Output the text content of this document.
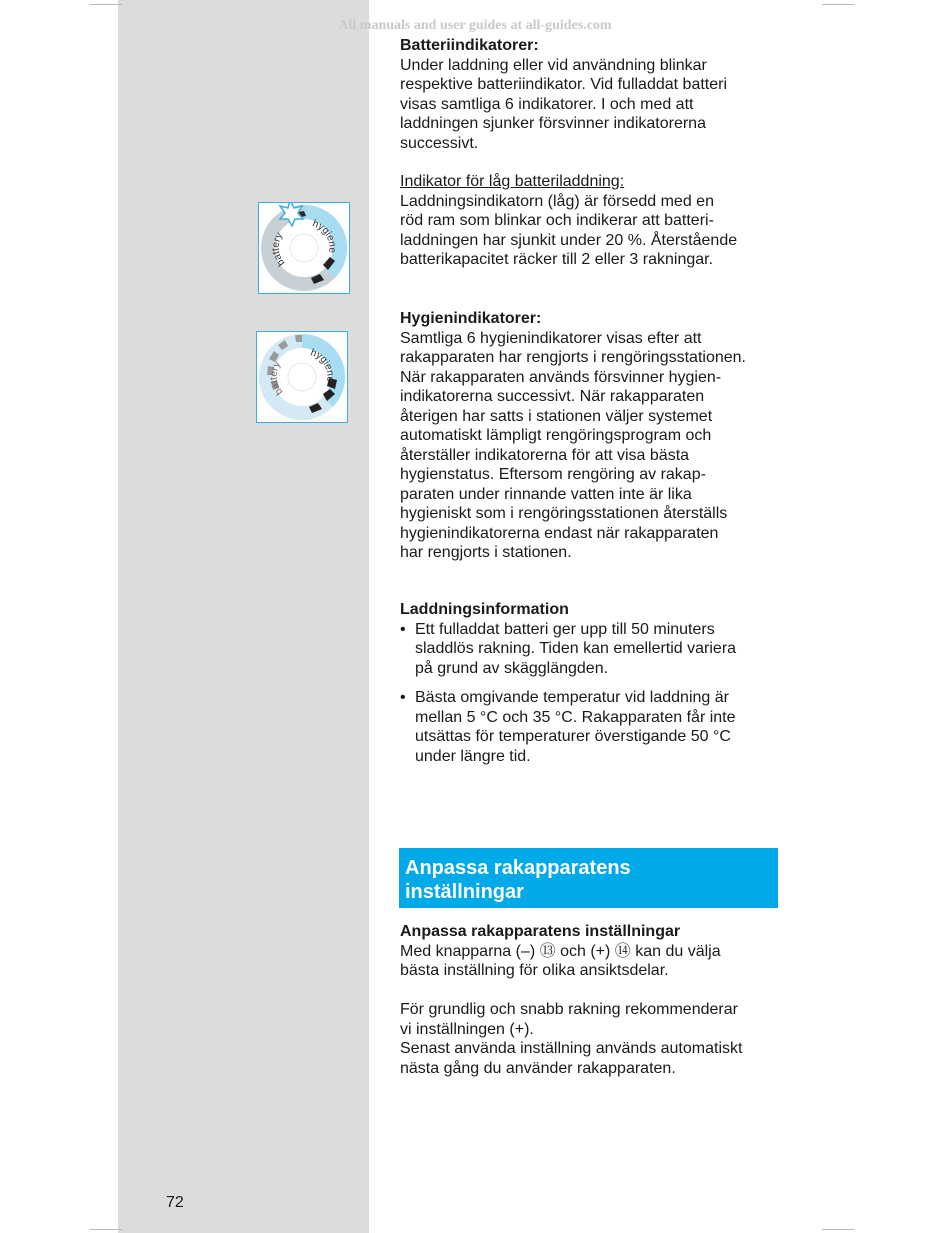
All manuals and user guides at all-guides.com

Batteriindikatorer:

Under laddning eller vid användning blinkar

respektive batteriindikator. Vid fulladdat batteri

visas samtliga 6 indikatorer. I och med att

laddningen sjunker försvinner indikatorerna

successivt.

Indikator för låg batteriladdning:

Laddningsindikatorn (låg) är försedd med en

röd ram som blinkar och indikerar att batteri-

laddningen har sjunkit under 20 %. Återstående

batterikapacitet räcker till 2 eller 3 rakningar.

battery
hygiene

Hygienindikatorer:

Samtliga 6 hygienindikatorer visas efter att

rakapparaten har rengjorts i rengöringsstationen.

När rakapparaten används försvinner hygien-

indikatorerna successivt. När rakapparaten

återigen har satts i stationen väljer systemet

automatiskt lämpligt rengöringsprogram och

återställer indikatorerna för att visa bästa

hygienstatus. Eftersom rengöring av rakap-

paraten under rinnande vatten inte är lika

hygieniskt som i rengöringsstationen återställs

hygienindikatorerna endast när rakapparaten

har rengjorts i stationen.

battery
hygiene

Laddningsinformation

• Ett fulladdat batteri ger upp till 50 minuters

sladdlös rakning. Tiden kan emellertid variera

på grund av skägglängden.

• Bästa omgivande temperatur vid laddning är

mellan 5 °C och 35 °C. Rakapparaten får inte

utsättas för temperaturer överstigande 50 °C

under längre tid.

Anpassa rakapparatens
inställningar

Anpassa rakapparatens inställningar

Med knapparna (–) ⑬ och (+) ⑭ kan du välja

bästa inställning för olika ansiktsdelar.

För grundlig och snabb rakning rekommenderar

vi inställningen (+).

Senast använda inställning används automatiskt

nästa gång du använder rakapparaten.

72
